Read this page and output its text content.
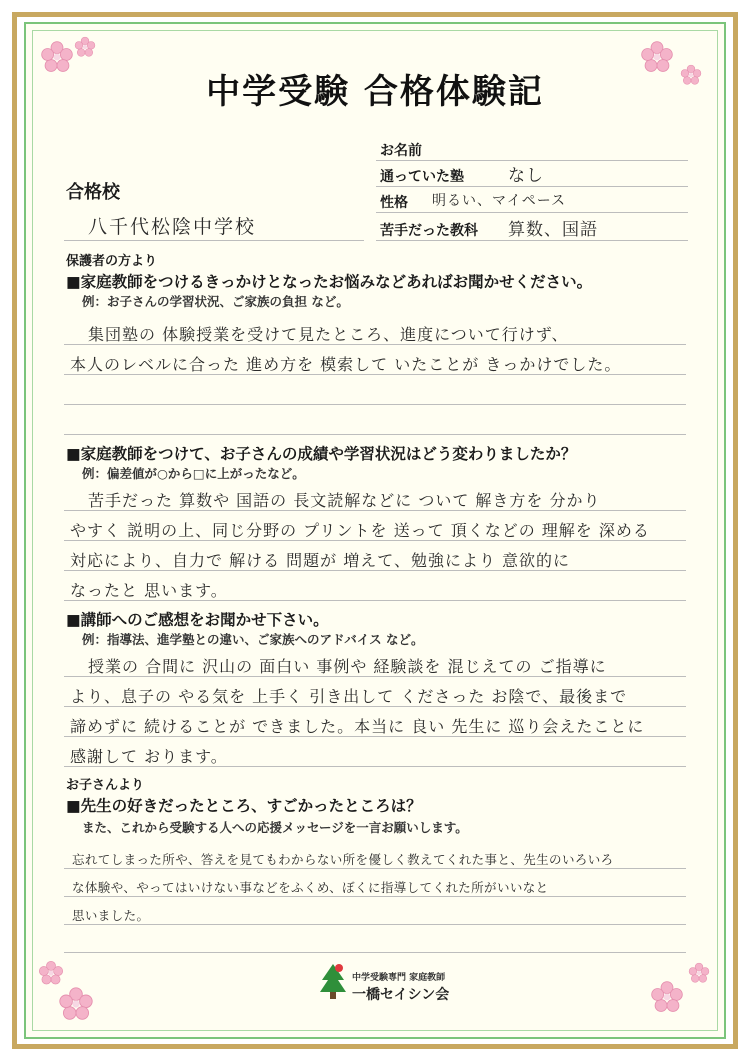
中学受験 合格体験記
お名前
通っていた塾	なし
性格 明るい、マイペース
苦手だった教科 算数、国語
合格校
八千代松陰中学校
保護者の方より
■家庭教師をつけるきっかけとなったお悩みなどあればお聞かせください。
例：お子さんの学習状況、ご家族の負担 など。
集団塾の 体験授業を受けて見たところ、進度について行けず、
本人のレベルに合った 進め方を 模索して いたことが きっかけでした。
■家庭教師をつけて、お子さんの成績や学習状況はどう変わりましたか？
例：偏差値が○から□に上がったなど。
苦手だった 算数や 国語の 長文読解などに ついて 解き方を 分かり
やすく 説明の上、同じ分野の プリントを 送って 頂くなどの 理解を 深める
対応により、自力で 解ける 問題が 増えて、勉強により 意欲的に
なったと 思います。
■講師へのご感想をお聞かせ下さい。
例：指導法、進学塾との違い、ご家族へのアドバイス など。
授業の 合間に 沢山の 面白い 事例や 経験談を 混じえての ご指導に
より、息子の やる気を 上手く 引き出して くださった お陰で、最後まで
諦めずに 続けることが できました。本当に 良い 先生に 巡り会えたことに
感謝して おります。
お子さんより
■先生の好きだったところ、すごかったところは？
また、これから受験する人への応援メッセージを一言お願いします。
忘れてしまった所や、答えを見てもわからない所を優しく教えてくれた事と、先生のいろいろ
な体験や、やってはいけない事などをふくめ、ぼくに指導してくれた所がいいなと
思いました。
中学受験専門 家庭教師
一橋セイシン会
